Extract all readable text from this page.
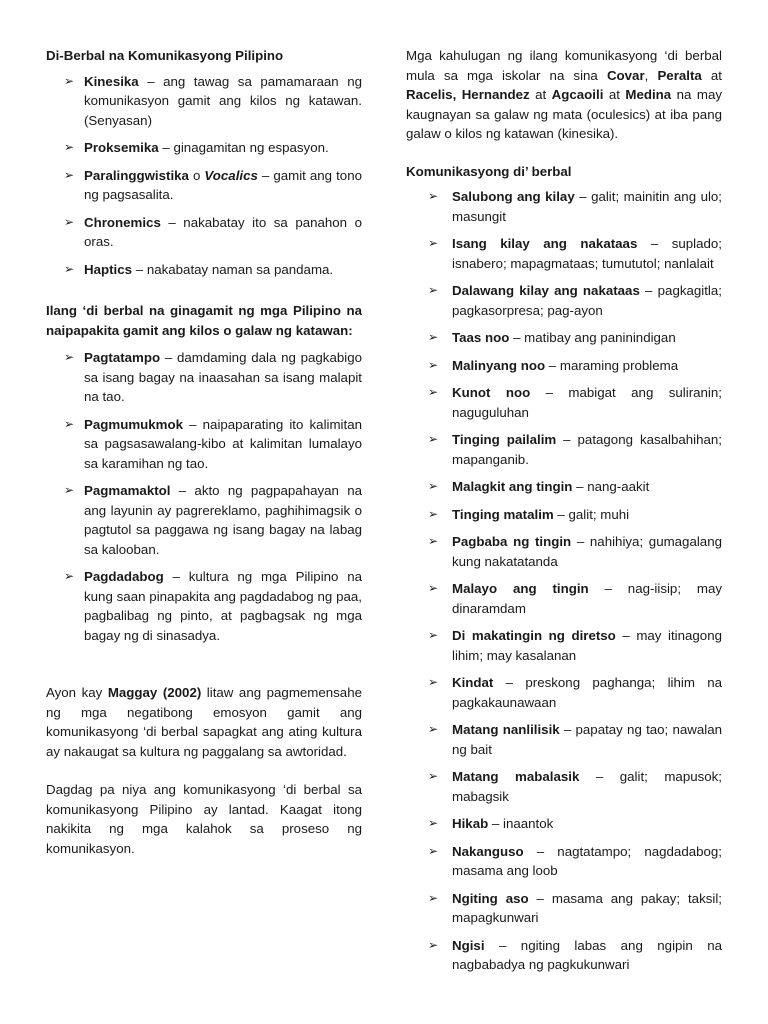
Di-Berbal na Komunikasyong Pilipino

➢ Kinesika – ang tawag sa pamamaraan ng komunikasyon gamit ang kilos ng katawan. (Senyasan)
➢ Proksemika – ginagamitan ng espasyon.
➢ Paralinggwistika o Vocalics – gamit ang tono ng pagsasalita.
➢ Chronemics – nakabatay ito sa panahon o oras.
➢ Haptics – nakabatay naman sa pandama.

Ilang ‘di berbal na ginagamit ng mga Pilipino na naipapakita gamit ang kilos o galaw ng katawan:

➢ Pagtatampo – damdaming dala ng pagkabigo sa isang bagay na inaasahan sa isang malapit na tao.
➢ Pagmumukmok – naipaparating ito kalimitan sa pagsasawalang-kibo at kalimitan lumalayo sa karamihan ng tao.
➢ Pagmamaktol – akto ng pagpapahayan na ang layunin ay pagrereklamo, paghihimagsik o pagtutol sa paggawa ng isang bagay na labag sa kalooban.
➢ Pagdadabog – kultura ng mga Pilipino na kung saan pinapakita ang pagdadabog ng paa, pagbalibag ng pinto, at pagbagsak ng mga bagay ng di sinasadya.

Ayon kay Maggay (2002) litaw ang pagmemensahe ng mga negatibong emosyon gamit ang komunikasyong ‘di berbal sapagkat ang ating kultura ay nakaugat sa kultura ng paggalang sa awtoridad.

Dagdag pa niya ang komunikasyong ‘di berbal sa komunikasyong Pilipino ay lantad. Kaagat itong nakikita ng mga kalahok sa proseso ng komunikasyon.

Mga kahulugan ng ilang komunikasyong ‘di berbal mula sa mga iskolar na sina Covar, Peralta at Racelis, Hernandez at Agcaoili at Medina na may kaugnayan sa galaw ng mata (oculesics) at iba pang galaw o kilos ng katawan (kinesika).

Komunikasyong di’ berbal

➢ Salubong ang kilay – galit; mainitin ang ulo; masungit
➢ Isang kilay ang nakataas – suplado; isnabero; mapagmataas; tumututol; nanlalait
➢ Dalawang kilay ang nakataas – pagkagitla; pagkasorpresa; pag-ayon
➢ Taas noo – matibay ang paninindigan
➢ Malinyang noo – maraming problema
➢ Kunot noo – mabigat ang suliranin; naguguluhan
➢ Tinging pailalim – patagong kasalbahihan; mapanganib.
➢ Malagkit ang tingin – nang-aakit
➢ Tinging matalim – galit; muhi
➢ Pagbaba ng tingin – nahihiya; gumagalang kung nakatatanda
➢ Malayo ang tingin – nag-iisip; may dinaramdam
➢ Di makatingin ng diretso – may itinagong lihim; may kasalanan
➢ Kindat – preskong paghanga; lihim na pagkakaunawaan
➢ Matang nanlilisik – papatay ng tao; nawalan ng bait
➢ Matang mabalasik – galit; mapusok; mabagsik
➢ Hikab – inaantok
➢ Nakanguso – nagtatampo; nagdadabog; masama ang loob
➢ Ngiting aso – masama ang pakay; taksil; mapagkunwari
➢ Ngisi – ngiting labas ang ngipin na nagbabadya ng pagkukunwari
